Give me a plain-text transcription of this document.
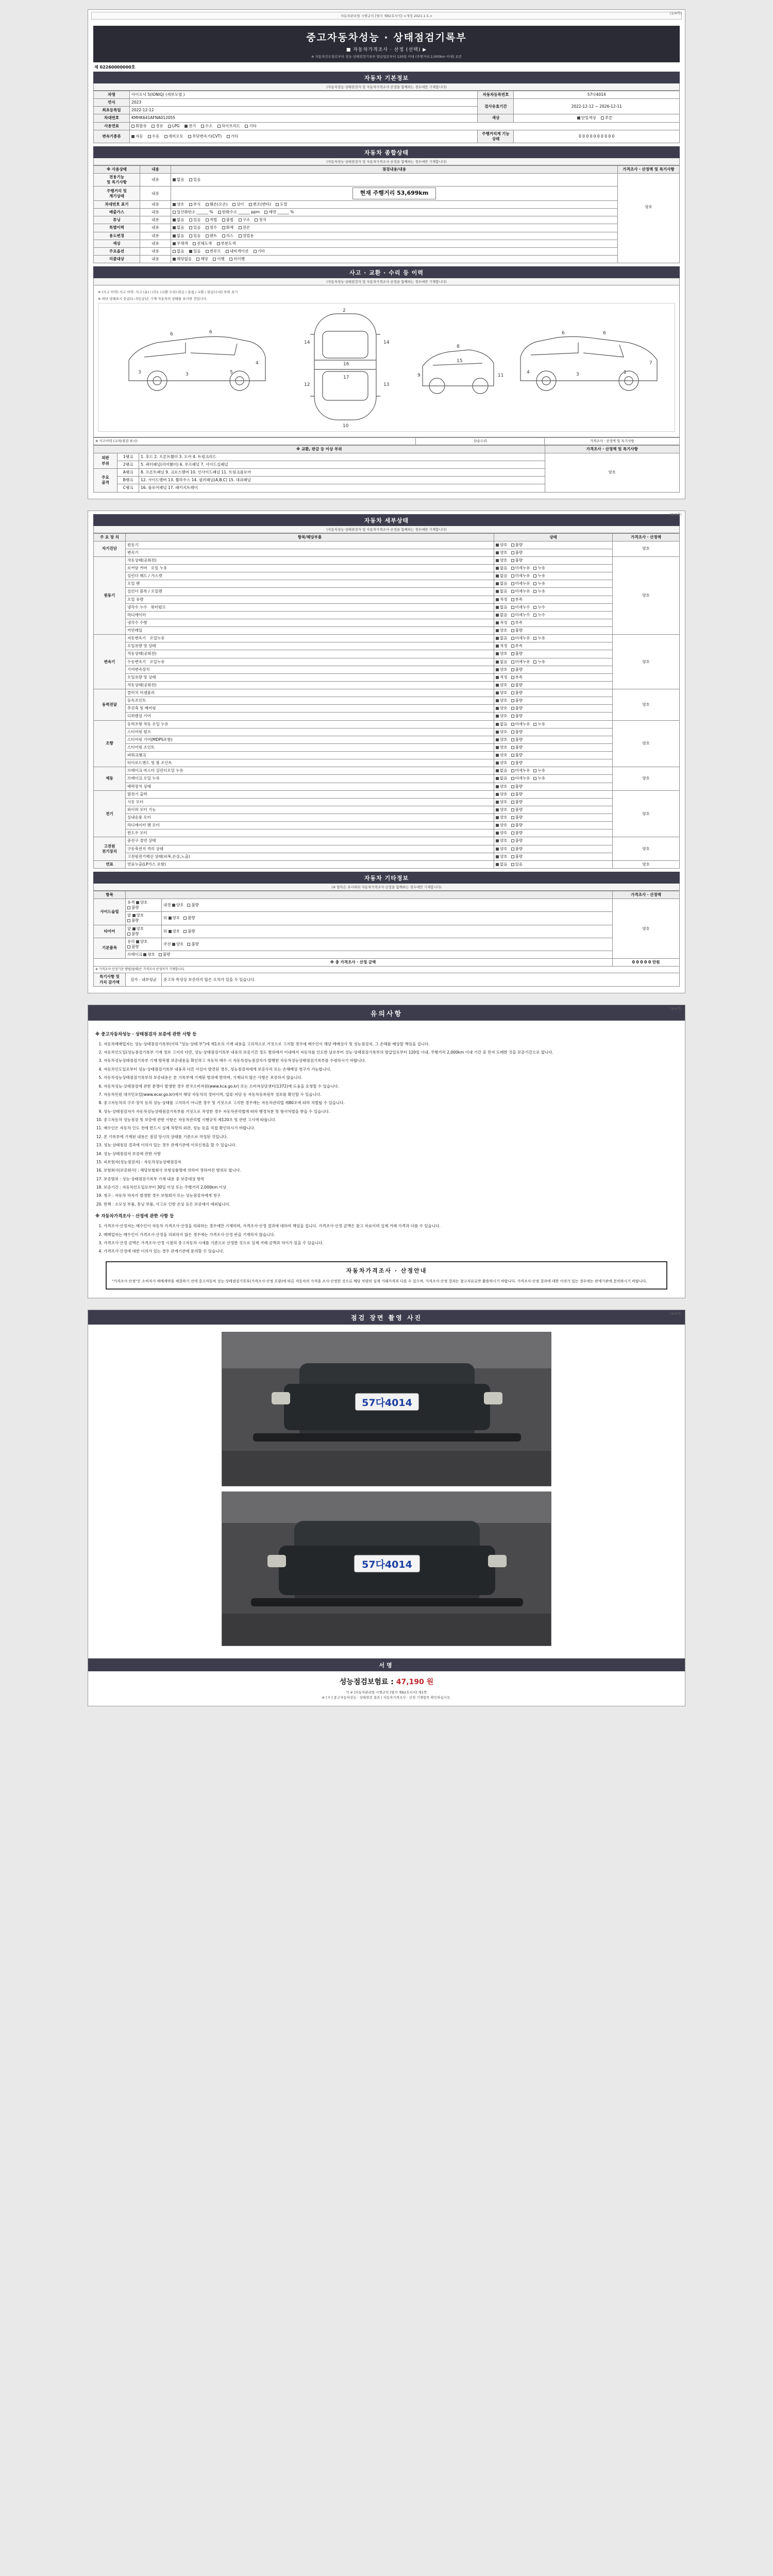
(1/4쪽)
자동차관리법 시행규칙 [별지 제82호서식] <개정 2021.1.5.>
중고자동차성능 · 상태점검기록부
■ 자동차가격조사 · 산정 (선택) ▶
※ 자동차인도일로부터 성능·상태점검기록부 발급일로부터 120일 이내 (주행거리 2,000km 이내) 보증
제 02260000000호
자동차 기본정보
(자동차성능·상태점검자 및 자동차가격조사·산정을 함께하는 경우에만 기재합니다)
차명	아이오닉 5(IONIQ) (세부모델 )	자동차등록번호	57다4014
연식	2023	검사유효기간	2022-12-12 ~ 2026-12-11
최초등록일	2022-12-12		
차대번호	KMHK641AFNA012055	색상	단일색상 투톤
사용연료	휘발유 경유 LPG 전기 수소 하이브리드 기타		
변속기종류	자동 수동 세미오토 무단변속기(CVT) 기타	주행거리계 기능 상태	0 0 0 0 0 0 0 0 0 0
자동차 종합상태
(자동차성능·상태점검자 및 자동차가격조사·산정을 함께하는 경우에만 기재합니다)
※ 사용상태	내용	점검내용/내용	가격조사 · 산정액 및 특기사항
전용기능
및 특기사항	내용	없음 있음	양호

주행거리 및
계기상태	내용	현재 주행거리 53,699km	
차대번호 표기	내용	양호 부식 훼손(오손) 상이 변조(변타) 도말	
배출가스	내용	일산화탄소 ______ % 탄화수소 ______ ppm 매연 ______ %	
튜닝	내용	없음 있음 적법 불법 구조 장치	
특별이력	내용	없음 있음 침수 화재 전손	
용도변경	내용	없음 있음 렌트 리스 영업용	
색상	내용	무채색 전체도색 부분도색	
주요옵션	내용	없음 있음 썬루프 내비게이션 기타	
리콜대상	내용	해당없음 해당 이행 미이행	
사고 · 교환 · 수리 등 이력
(자동차성능·상태점검자 및 자동차가격조사·산정을 함께하는 경우에만 기재합니다)
※ (사고 이력) 사고 이력: 사고 (유) / (무), (교환·수리) 판금 / 용접 / 교환 / 판금(수리) 부위 표기
※ 하단 상태표시 등급(1~5등급)은 기재 자동차의 상태를 표시한 것입니다.
6	6
3	3	5
4
2
10
14
12
14
13
16
17
8
9	11
15
6	6
4	3	1
7
※ 사고이력 (교차/점검 표시)	단순수리	가격조사 · 산정액 및 특기사항
※ 교환, 판금 등 이상 부위			가격조사 · 산정액 및 특기사항
외판
부위	1랭크	1. 후드 2. 프론트휀더 3. 도어 4. 트렁크리드	양호
	2랭크	5. 쿼터패널(리어휀더) 6. 루프패널 7. 사이드실패널	
주요
골격	A랭크	8. 프론트패널 9. 크로스멤버 10. 인사이드패널 11. 트렁크플로어	
	B랭크	12. 사이드멤버 13. 휠하우스 14. 필러패널(A,B,C) 15. 대쉬패널	
	C랭크	16. 플로어패널 17. 패키지트레이	
(2/4쪽)
자동차 세부상태
(자동차성능·상태점검자 및 자동차가격조사·산정을 함께하는 경우에만 기재합니다)
주 요 장 치	항목/해당부품	상태	가격조사 · 산정액
자기진단	원동기	양호 불량	양호
	변속기	양호 불량	
원동기	작동상태(공회전)	양호 불량	양호
	로커암 커버   오일 누유	없음 미세누유 누유	
	실린더 헤드 / 가스켓	없음 미세누유 누유	
	오일 팬	없음 미세누유 누유	
	실린더 블록 / 오일팬	없음 미세누유 누유	
	오일 유량	적정 부족	
	냉각수 누수   워터펌프	없음 미세누수 누수	
	라디에이터	없음 미세누수 누수	
	냉각수 수량	적정 부족	
	커먼레일	양호 불량	
변속기	자동변속기   오일누유	없음 미세누유 누유	양호
	오일유량 및 상태	적정 부족	
	작동상태(공회전)	양호 불량	
	수동변속기   오일누유	없음 미세누유 누유	
	기어변속장치	양호 불량	
	오일유량 및 상태	적정 부족	
	작동상태(공회전)	양호 불량	
동력전달	클러치 어셈블리	양호 불량	양호
	등속조인트	양호 불량	
	추진축 및 베어링	양호 불량	
	디퍼렌셜 기어	양호 불량	
조향	동력조향 작동 오일 누유	없음 미세누유 누유	양호
	스티어링 펌프	양호 불량	
	스티어링 기어(MDPS포함)	양호 불량	
	스티어링 조인트	양호 불량	
	파워크랭크	양호 불량	
	타이로드엔드 및 볼 조인트	양호 불량	
제동	브레이크 마스터 실린더오일 누유	없음 미세누유 누유	양호
	브레이크 오일 누유	없음 미세누유 누유	
	배력장치 상태	양호 불량	
전기	발전기 출력	양호 불량	양호
	시동 모터	양호 불량	
	와이퍼 모터 기능	양호 불량	
	실내송풍 모터	양호 불량	
	라디에이터 팬 모터	양호 불량	
	윈도우 모터	양호 불량	
고전원
전기장치	충전구 절연 상태	양호 불량	양호
	구동축전지 격리 상태	양호 불량	
	고전원전기배선 상태(피복,손상,노출)	양호 불량	
연료	연료누출(LP가스 포함)	없음 있음	양호
자동차 기타정보
(※ 항목은 표시하되 자동차가격조사·산정을 함께하는 경우에만 기재합니다)
항목			가격조사 · 산정액
사이드슬립	유격 양호불량	내경 양호 불량	양호
	앞 양호불량	뒤 양호 불량	
타이어	앞 양호불량	뒤 양호 불량	
기본품목	유리 양호불량	쿠션 양호 불량	
	브레이크 양호 불량		
※ 총 가격조사 · 산정 금액			0 0 0 0 0 만원
※ 가격조사·산정기준 방법(물태)은 가격조사 산정자가 기재합니다.			
특기사항 및
가치 감가액	감가 · 내부평균	중고차 특성상 보증하지 않은 오차가 있을 수 있습니다.	
(3/4쪽)
유의사항
※ 중고자동차성능 · 상태점검자 보증에 관한 사항 등
1. 자동차매매업자는 성능·상태점검기록부(이하 "성능·상태 부")에 제1호의 기재 내용을 고의적으로 거짓으로 고지할 경우에 매수인이 해당 매매상사 및 성능점검자, 그 손해를 배상할 책임을 집니다.
2. 자동차인도일(성능점검기록부 기재 정보 고지의 다만, 성능·상태점검기록부 내용의 보증기간 정도 범위에서 이내에서 자동차를 인도한 날로부터 성능·상태점검기록부의 발급일로부터 120일 이내, 주행거리 2,000km 이내 기간 중 먼저 도래한 것을 보증기간으로 합니다.
3. 자동차성능상태점검기록부 기재 항목별 보증내용을 확인하고 자동차 매수 시 자동차성능점검자가 발행한 자동차성능상태점검기록부를 수령하시기 바랍니다.
4. 자동차인도일로부터 성능·상태점검기록부 내용과 다른 사실이 발견된 경우, 성능점검자에게 보증수리 또는 손해배상 청구가 가능합니다.
5. 자동차성능상태점검기록부의 보증내용은 본 기록부에 기재된 범위에 한하며, 기재되지 않은 사항은 보증하지 않습니다.
6. 자동차성능·상태점검에 관한 분쟁이 발생한 경우 한국소비자원(www.kca.go.kr) 또는 소비자상담센터(1372)에 도움을 요청할 수 있습니다.
7. 자동차민원 대국민포털(www.ecar.go.kr)에서 해당 자동차의 정비이력, 압류·저당 등 자동차등록원부 정보를 확인할 수 있습니다.
8. 중고자동차의 구조·장치 등의 성능·상태를 고지하지 아니한 경우 및 거짓으로 고지한 경우에는 자동차관리법 제80조에 따라 처벌될 수 있습니다.
9. 성능·상태점검자가 자동차성능상태점검기록부를 거짓으로 작성한 경우 자동차관리법에 따라 행정처분 및 형사처벌을 받을 수 있습니다.
10. 중고자동차 성능점검 및 보증에 관한 사항은 자동차관리법 시행규칙 제120조 및 관련 고시에 따릅니다.
11. 매수인은 자동차 인도 전에 반드시 실제 차량의 외관, 성능 등을 직접 확인하시기 바랍니다.
12. 본 기록부에 기재된 내용은 점검 당시의 상태를 기준으로 작성된 것입니다.
13. 성능·상태점검 결과에 이의가 있는 경우 관계기관에 이의신청을 할 수 있습니다.
14. 성능·상태점검자 보증에 관한 사항
15. 피보험자(성능점검자) : 자동차성능상태점검자
16. 보험회사(보증회사) : 해당보험회사 보험상품명에 의하여 정하여진 범위로 합니다.
17. 보증범위 : 성능·상태점검기록부 기재 내용 중 보증대상 항목
18. 보증기간 : 자동차인도일로부터 30일 이상 또는 주행거리 2,000km 이상
19. 청구 : 자동차 하자가 발생한 경우 보험회사 또는 성능점검자에게 청구
20. 면책 : 소모성 부품, 튜닝 부품, 사고로 인한 손상 등은 보증에서 제외됩니다.
※ 자동차가격조사 · 산정에 관한 사항 등
1. 가격조사·산정자는 매수인이 자동차 가격조사·산정을 의뢰하는 경우에만 기재하며, 가격조사·산정 결과에 대하여 책임을 집니다. 가격조사·산정 금액은 참고 자료이며 실제 거래 가격과 다를 수 있습니다.
2. 매매업자는 매수인이 가격조사·산정을 의뢰하지 않은 경우에는 가격조사·산정 란을 기재하지 않습니다.
3. 가격조사·산정 금액은 가격조사·산정 시점의 중고자동차 시세를 기준으로 산정한 것으로 실제 거래 금액과 차이가 있을 수 있습니다.
4. 가격조사·산정에 대한 이의가 있는 경우 관계기관에 문의할 수 있습니다.
자동차가격조사 · 산정안내
"가격조사·산정"은 소비자가 매매계약을 체결하기 전에 중고자동차 성능·상태점검기록부(가격조사·산정 포함)에 따른 자동차의 가격을 조사·산정한 것으로 해당 차량의 실제 거래가격과 다를 수 있으며, 가격조사·산정 결과는 참고자료로만 활용하시기 바랍니다. 가격조사·산정 결과에 대한 이의가 있는 경우에는 관계기관에 문의하시기 바랍니다.
(4/4쪽)
점검 장면 촬영 사진
57다4014
57다4014
서명
성능점검보험료 : 47,190 원
"[ ※ ]자동차관리법 시행규칙 [별지 제82호서식] 제1쪽
※ [ Y ] 중고자동차성능 · 상태점검 결과 | 자동차가격조사 · 산정 기재항목 확인하십시오.
